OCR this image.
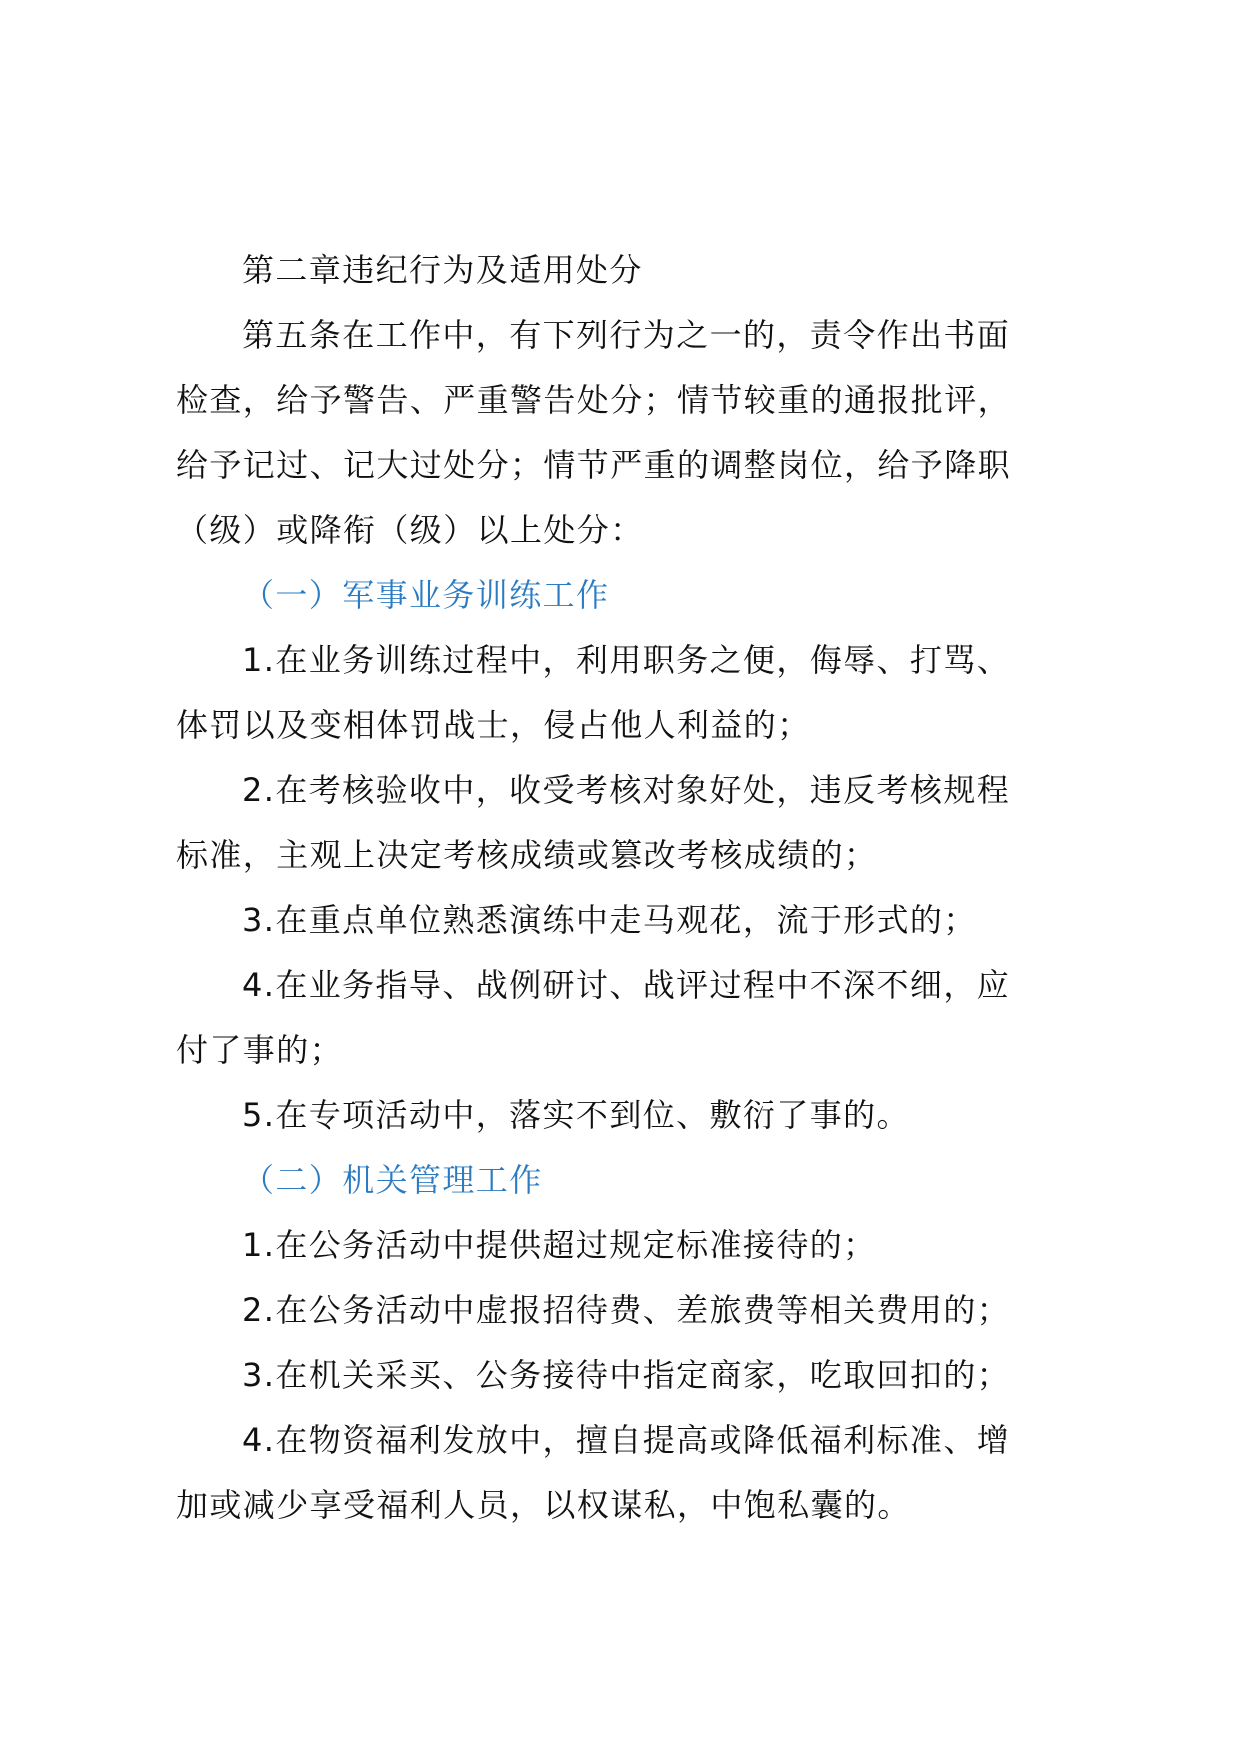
第二章违纪行为及适用处分
第五条在工作中，有下列行为之一的，责令作出书面
检查，给予警告、严重警告处分；情节较重的通报批评，
给予记过、记大过处分；情节严重的调整岗位，给予降职
（级）或降衔（级）以上处分：
（一）军事业务训练工作
1.在业务训练过程中，利用职务之便，侮辱、打骂、
体罚以及变相体罚战士，侵占他人利益的；
2.在考核验收中，收受考核对象好处，违反考核规程
标准，主观上决定考核成绩或篡改考核成绩的；
3.在重点单位熟悉演练中走马观花，流于形式的；
4.在业务指导、战例研讨、战评过程中不深不细，应
付了事的；
5.在专项活动中，落实不到位、敷衍了事的。
（二）机关管理工作
1.在公务活动中提供超过规定标准接待的；
2.在公务活动中虚报招待费、差旅费等相关费用的；
3.在机关采买、公务接待中指定商家，吃取回扣的；
4.在物资福利发放中，擅自提高或降低福利标准、增
加或减少享受福利人员，以权谋私，中饱私囊的。
